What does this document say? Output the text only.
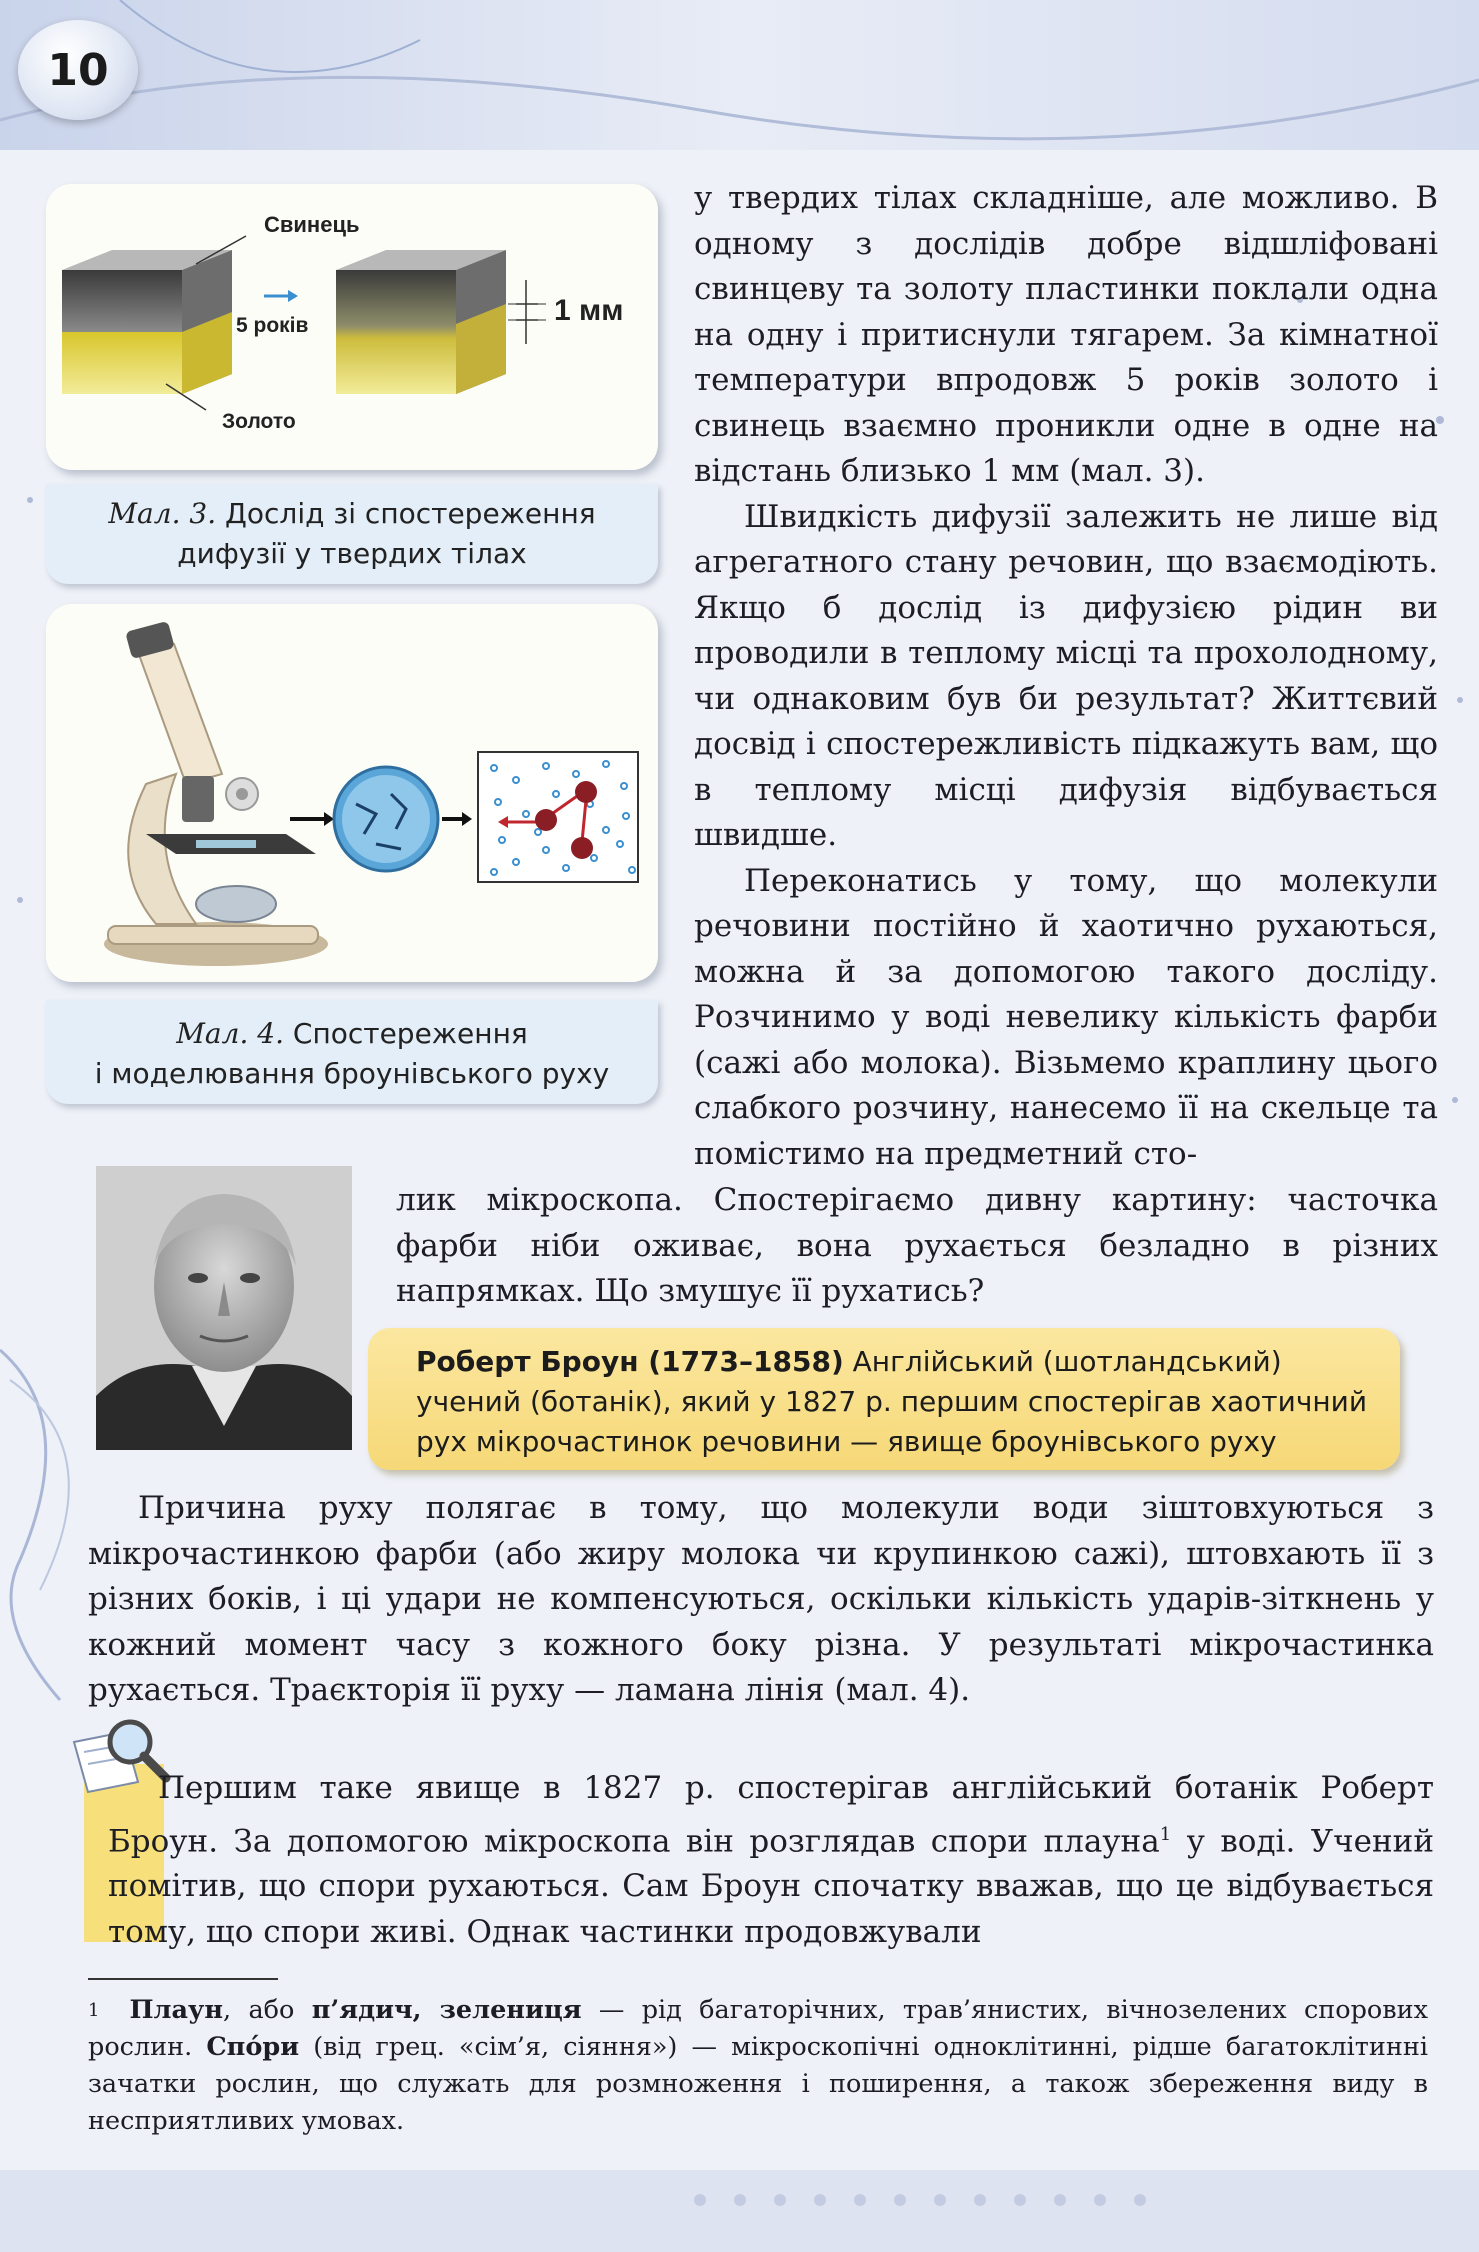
10
Свинець
5 років
Золото
1 мм
Мал. 3. Дослід зі спостереження
дифузії у твердих тілах
Мал. 4. Спостереження
і моделювання броунівського руху

у твердих тілах складніше, але можливо. В одному з дослідів добре відшліфовані свинцеву та золоту пластинки поклали одна на одну і притиснули тягарем. За кімнатної температури впродовж 5 років золото і свинець взаємно проникли одне в одне на відстань близько 1 мм (мал. 3).

Швидкість дифузії залежить не лише від агрегатного стану речовин, що взаємодіють. Якщо б дослід із дифузією рідин ви проводили в теплому місці та прохолодному, чи однаковим був би результат? Життєвий досвід і спостережливість підкажуть вам, що в теплому місці дифузія відбувається швидше.

Переконатись у тому, що молекули речовини постійно й хаотично рухаються, можна й за допомогою такого досліду. Розчинимо у воді невелику кількість фарби (сажі або молока). Візьмемо краплину цього слабкого розчину, нанесемо її на скельце та помістимо на предметний сто-

лик мікроскопа. Спостерігаємо дивну картину: часточка фарби ніби оживає, вона рухається безладно в різних напрямках. Що змушує її рухатись?

Роберт Броун (1773–1858) Англійський (шотландський) учений (ботанік), який у 1827 р. першим спостерігав хаотичний рух мікрочастинок речовини — явище броунівського руху

Причина руху полягає в тому, що молекули води зіштовхуються з мікрочастинкою фарби (або жиру молока чи крупинкою сажі), штовхають її з різних боків, і ці удари не компенсуються, оскільки кількість ударів-зіткнень у кожний момент часу з кожного боку різна. У результаті мікрочастинка рухається. Траєкторія її руху — ламана лінія (мал. 4).

Першим таке явище в 1827 р. спостерігав англійський ботанік Роберт Броун. За допомогою мікроскопа він розглядав спори плауна$^1$ у воді. Учений помітив, що спори рухаються. Сам Броун спочатку вважав, що це відбувається тому, що спори живі. Однак частинки продовжували

$^1$ Плаун, або п’ядич, зелениця — рід багаторічних, трав’янистих, вічнозелених спорових рослин. Спо́ри (від грец. «сім’я, сіяння») — мікроскопічні одноклітинні, рідше багатоклітинні зачатки рослин, що служать для розмноження і поширення, а також збереження виду в несприятливих умовах.
